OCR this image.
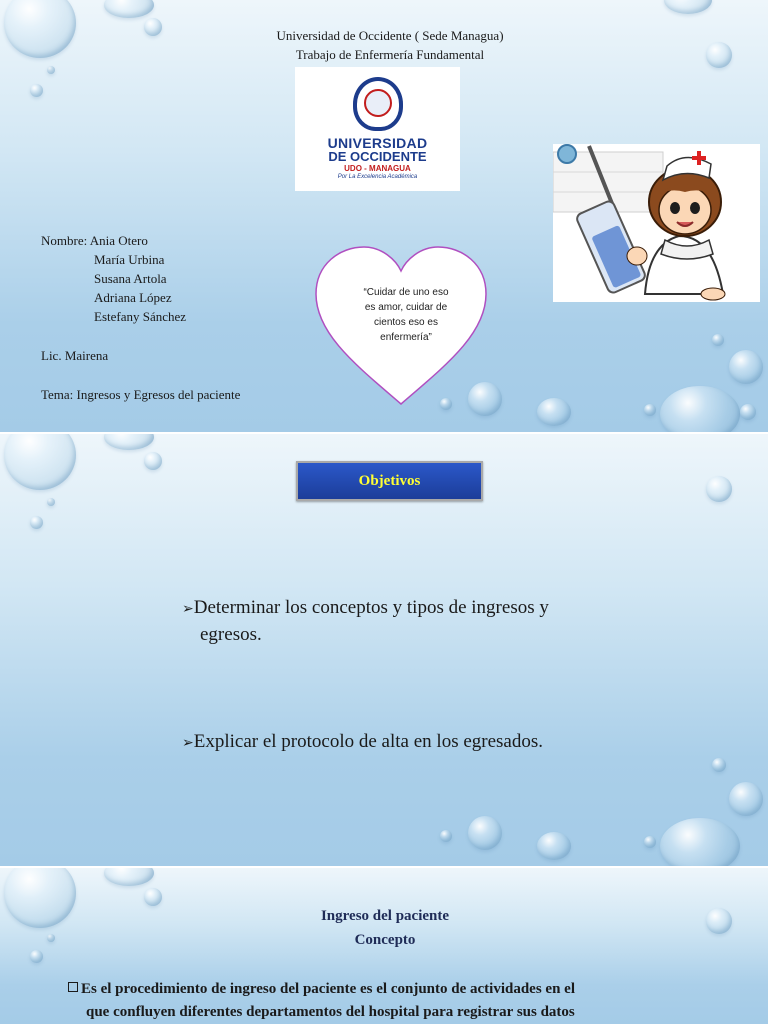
Universidad de Occidente ( Sede Managua)
Trabajo de Enfermería Fundamental
UNIVERSIDAD
DE OCCIDENTE
UDO - MANAGUA
Por La Excelencia Académica
Nombre: Ania Otero
María Urbina
Susana Artola
Adriana López
Estefany Sánchez
Lic. Mairena
Tema: Ingresos y Egresos del paciente
“Cuidar de uno eso
es amor, cuidar de
cientos eso es
enfermería”
Objetivos
➢Determinar los conceptos y tipos de ingresos y
egresos.
➢Explicar el protocolo de alta en los egresados.
Ingreso del paciente
Concepto
Es el procedimiento de ingreso del paciente es el conjunto de actividades en el
que confluyen diferentes departamentos del hospital para registrar sus datos
